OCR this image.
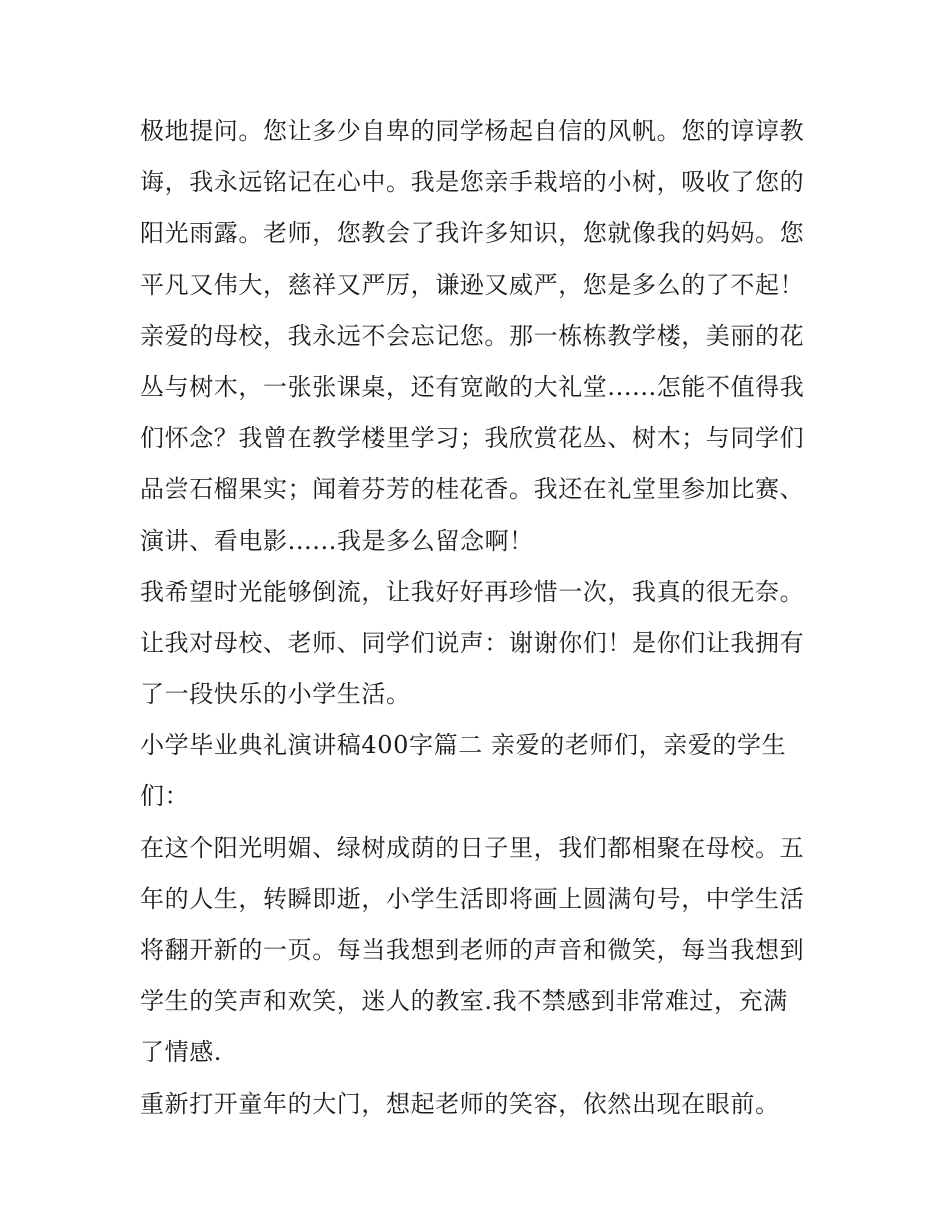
极地提问。您让多少自卑的同学杨起自信的风帆。您的谆谆教
诲，我永远铭记在心中。我是您亲手栽培的小树，吸收了您的
阳光雨露。老师，您教会了我许多知识，您就像我的妈妈。您
平凡又伟大，慈祥又严厉，谦逊又威严，您是多么的了不起！
亲爱的母校，我永远不会忘记您。那一栋栋教学楼，美丽的花
丛与树木，一张张课桌，还有宽敞的大礼堂......怎能不值得我
们怀念？我曾在教学楼里学习；我欣赏花丛、树木；与同学们
品尝石榴果实；闻着芬芳的桂花香。我还在礼堂里参加比赛、
演讲、看电影......我是多么留念啊！
我希望时光能够倒流，让我好好再珍惜一次，我真的很无奈。
让我对母校、老师、同学们说声：谢谢你们！是你们让我拥有
了一段快乐的小学生活。
小学毕业典礼演讲稿400字篇二 亲爱的老师们，亲爱的学生
们：
在这个阳光明媚、绿树成荫的日子里，我们都相聚在母校。五
年的人生，转瞬即逝，小学生活即将画上圆满句号，中学生活
将翻开新的一页。每当我想到老师的声音和微笑，每当我想到
学生的笑声和欢笑，迷人的教室.我不禁感到非常难过，充满
了情感.
重新打开童年的大门，想起老师的笑容，依然出现在眼前。
